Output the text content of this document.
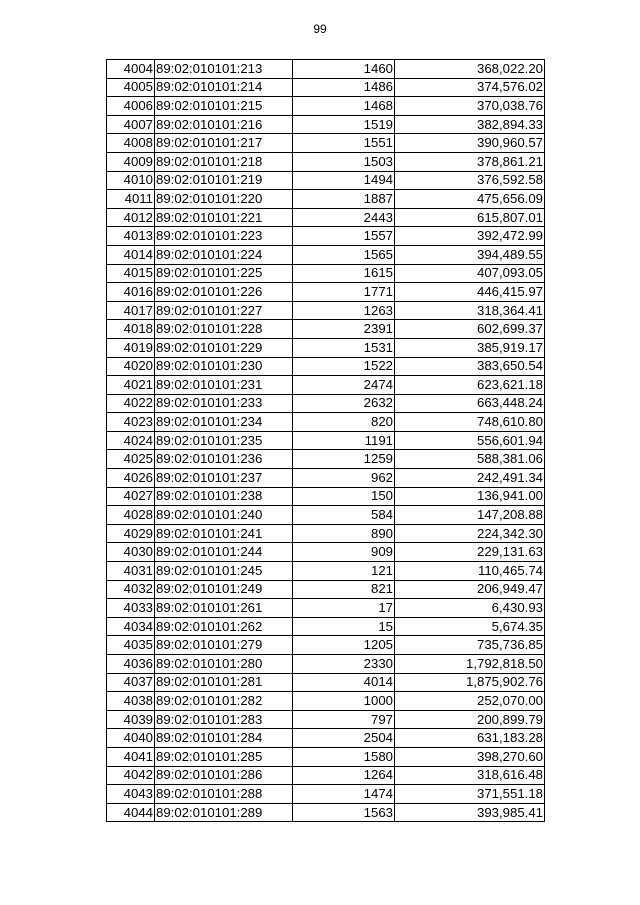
99
4004	89:02:010101:213	1460	368,022.20
4005	89:02:010101:214	1486	374,576.02
4006	89:02:010101:215	1468	370,038.76
4007	89:02:010101:216	1519	382,894.33
4008	89:02:010101:217	1551	390,960.57
4009	89:02:010101:218	1503	378,861.21
4010	89:02:010101:219	1494	376,592.58
4011	89:02:010101:220	1887	475,656.09
4012	89:02:010101:221	2443	615,807.01
4013	89:02:010101:223	1557	392,472.99
4014	89:02:010101:224	1565	394,489.55
4015	89:02:010101:225	1615	407,093.05
4016	89:02:010101:226	1771	446,415.97
4017	89:02:010101:227	1263	318,364.41
4018	89:02:010101:228	2391	602,699.37
4019	89:02:010101:229	1531	385,919.17
4020	89:02:010101:230	1522	383,650.54
4021	89:02:010101:231	2474	623,621.18
4022	89:02:010101:233	2632	663,448.24
4023	89:02:010101:234	820	748,610.80
4024	89:02:010101:235	1191	556,601.94
4025	89:02:010101:236	1259	588,381.06
4026	89:02:010101:237	962	242,491.34
4027	89:02:010101:238	150	136,941.00
4028	89:02:010101:240	584	147,208.88
4029	89:02:010101:241	890	224,342.30
4030	89:02:010101:244	909	229,131.63
4031	89:02:010101:245	121	110,465.74
4032	89:02:010101:249	821	206,949.47
4033	89:02:010101:261	17	6,430.93
4034	89:02:010101:262	15	5,674.35
4035	89:02:010101:279	1205	735,736.85
4036	89:02:010101:280	2330	1,792,818.50
4037	89:02:010101:281	4014	1,875,902.76
4038	89:02:010101:282	1000	252,070.00
4039	89:02:010101:283	797	200,899.79
4040	89:02:010101:284	2504	631,183.28
4041	89:02:010101:285	1580	398,270.60
4042	89:02:010101:286	1264	318,616.48
4043	89:02:010101:288	1474	371,551.18
4044	89:02:010101:289	1563	393,985.41
